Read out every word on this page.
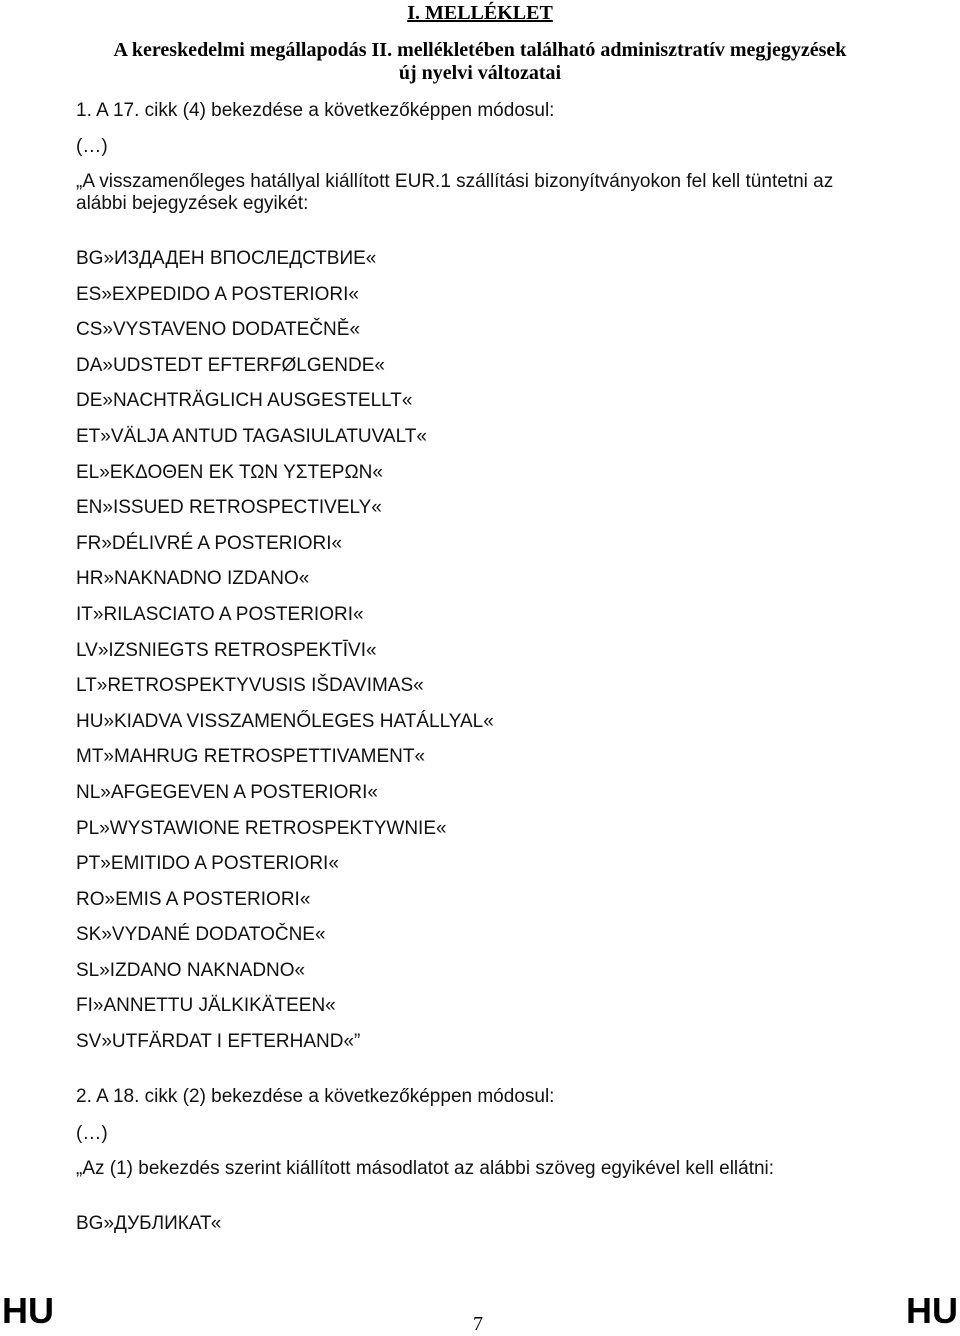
I. MELLÉKLET
A kereskedelmi megállapodás II. mellékletében található adminisztratív megjegyzések
új nyelvi változatai
1. A 17. cikk (4) bekezdése a következőképpen módosul:
(…)
„A visszamenőleges hatállyal kiállított EUR.1 szállítási bizonyítványokon fel kell tüntetni az
alábbi bejegyzések egyikét:
BG»ИЗДАДЕН ВПОСЛЕДСТВИЕ«
ES»EXPEDIDO A POSTERIORI«
CS»VYSTAVENO DODATEČNĚ«
DA»UDSTEDT EFTERFØLGENDE«
DE»NACHTRÄGLICH AUSGESTELLT«
ET»VÄLJA ANTUD TAGASIULATUVALT«
EL»ΕΚΔΟΘΕΝ ΕΚ ΤΩΝ ΥΣΤΕΡΩΝ«
EN»ISSUED RETROSPECTIVELY«
FR»DÉLIVRÉ A POSTERIORI«
HR»NAKNADNO IZDANO«
IT»RILASCIATO A POSTERIORI«
LV»IZSNIEGTS RETROSPEKTĪVI«
LT»RETROSPEKTYVUSIS IŠDAVIMAS«
HU»KIADVA VISSZAMENŐLEGES HATÁLLYAL«
MT»MAHRUG RETROSPETTIVAMENT«
NL»AFGEGEVEN A POSTERIORI«
PL»WYSTAWIONE RETROSPEKTYWNIE«
PT»EMITIDO A POSTERIORI«
RO»EMIS A POSTERIORI«
SK»VYDANÉ DODATOČNE«
SL»IZDANO NAKNADNO«
FI»ANNETTU JÄLKIKÄTEEN«
SV»UTFÄRDAT I EFTERHAND«”
2. A 18. cikk (2) bekezdése a következőképpen módosul:
(…)
„Az (1) bekezdés szerint kiállított másodlatot az alábbi szöveg egyikével kell ellátni:
BG»ДУБЛИКАТ«
HU	7	HU
